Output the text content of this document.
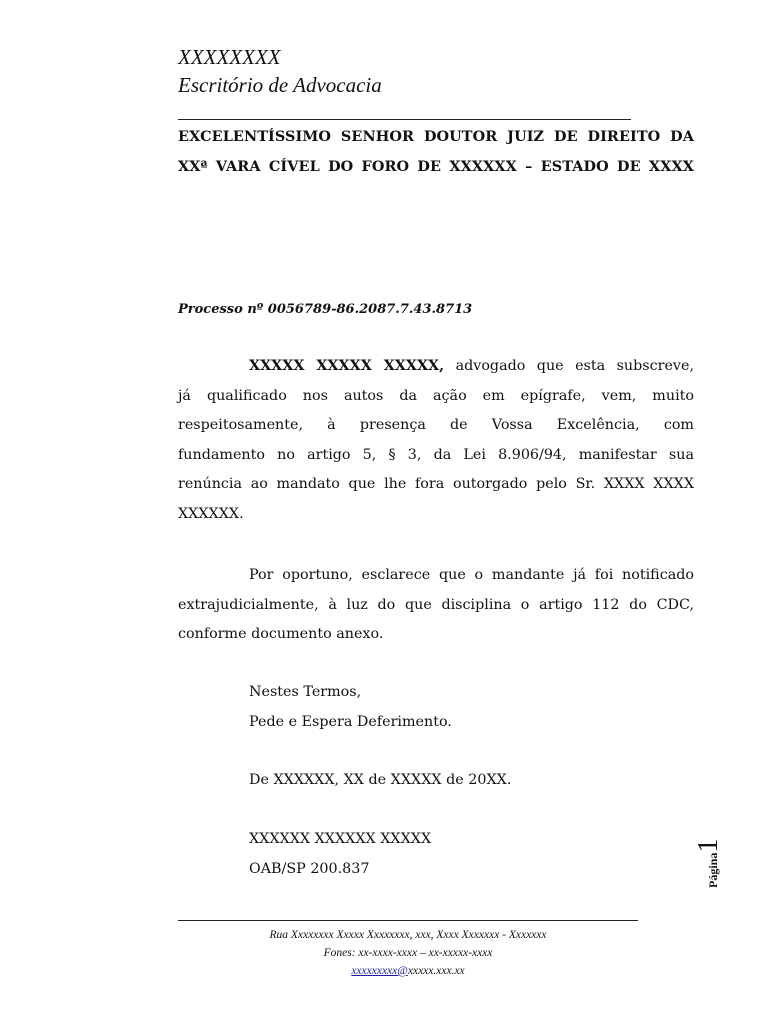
XXXXXXXX
Escritório de Advocacia
EXCELENTÍSSIMO SENHOR DOUTOR JUIZ DE DIREITO DA
XXª VARA CÍVEL DO FORO DE XXXXXX – ESTADO DE XXXX
Processo nº 0056789-86.2087.7.43.8713
XXXXX XXXXX XXXXX, advogado que esta subscreve,
já qualificado nos autos da ação em epígrafe, vem, muito
respeitosamente, à presença de Vossa Excelência, com
fundamento no artigo 5, § 3, da Lei 8.906/94, manifestar sua
renúncia ao mandato que lhe fora outorgado pelo Sr. XXXX XXXX
XXXXXX.
Por oportuno, esclarece que o mandante já foi notificado
extrajudicialmente, à luz do que disciplina o artigo 112 do CDC,
conforme documento anexo.
Nestes Termos,
Pede e Espera Deferimento.
De XXXXXX, XX de XXXXX de 20XX.
XXXXXX XXXXXX XXXXX
OAB/SP 200.837	Página1
Rua Xxxxxxxx Xxxxx Xxxxxxxx, xxx, Xxxx Xxxxxxx - Xxxxxxx
Fones: xx-xxxx-xxxx – xx-xxxxx-xxxx
xxxxxxxxx@xxxxx.xxx.xx
